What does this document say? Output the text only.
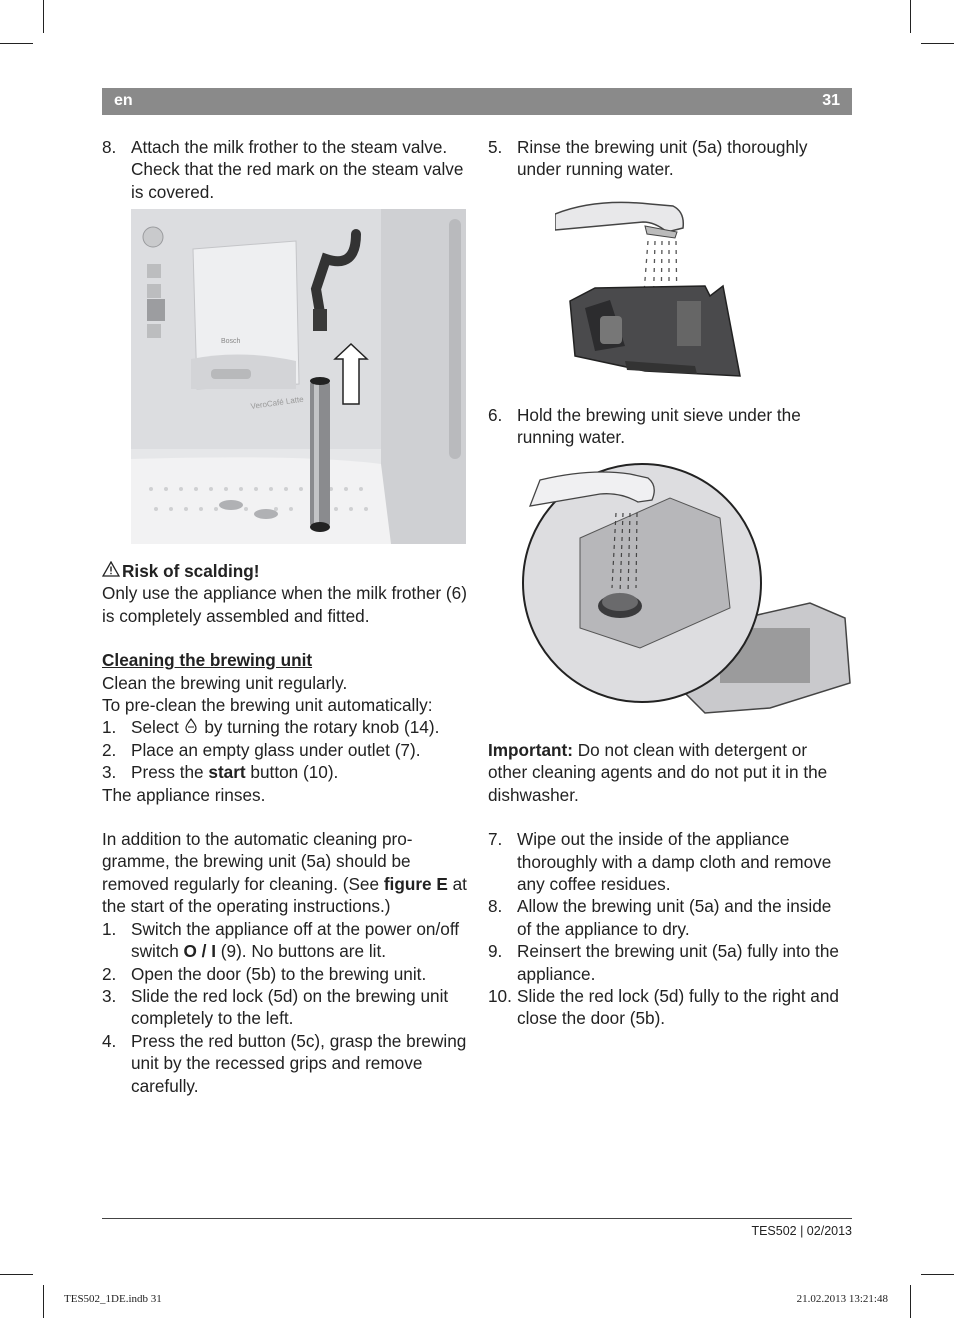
en	31
8. Attach the milk frother to the steam valve. Check that the red mark on the steam valve is covered.
Bosch
VeroCafé Latte

Risk of scalding!

Only use the appliance when the milk frother (6) is completely assembled and fitted.

Cleaning the brewing unit

Clean the brewing unit regularly.

To pre-clean the brewing unit automatically:

1. Select  by turning the rotary knob (14).
2. Place an empty glass under outlet (7).
3. Press the start button (10).

The appliance rinses.

In addition to the automatic cleaning pro-gramme, the brewing unit (5a) should be removed regularly for cleaning. (See figure E at the start of the operating instructions.)

1. Switch the appliance off at the power on/off switch O / I (9). No buttons are lit.
2. Open the door (5b) to the brewing unit.
3. Slide the red lock (5d) on the brewing unit completely to the left.
4. Press the red button (5c), grasp the brewing unit by the recessed grips and remove carefully.
5. Rinse the brewing unit (5a) thoroughly under running water.
6. Hold the brewing unit sieve under the running water.

Important: Do not clean with detergent or other cleaning agents and do not put it in the dishwasher.

7. Wipe out the inside of the appliance thoroughly with a damp cloth and remove any coffee residues.
8. Allow the brewing unit (5a) and the inside of the appliance to dry.
9. Reinsert the brewing unit (5a) fully into the appliance.
10. Slide the red lock (5d) fully to the right and close the door (5b).
TES502 | 02/2013
TES502_1DE.indb 31	21.02.2013 13:21:48
